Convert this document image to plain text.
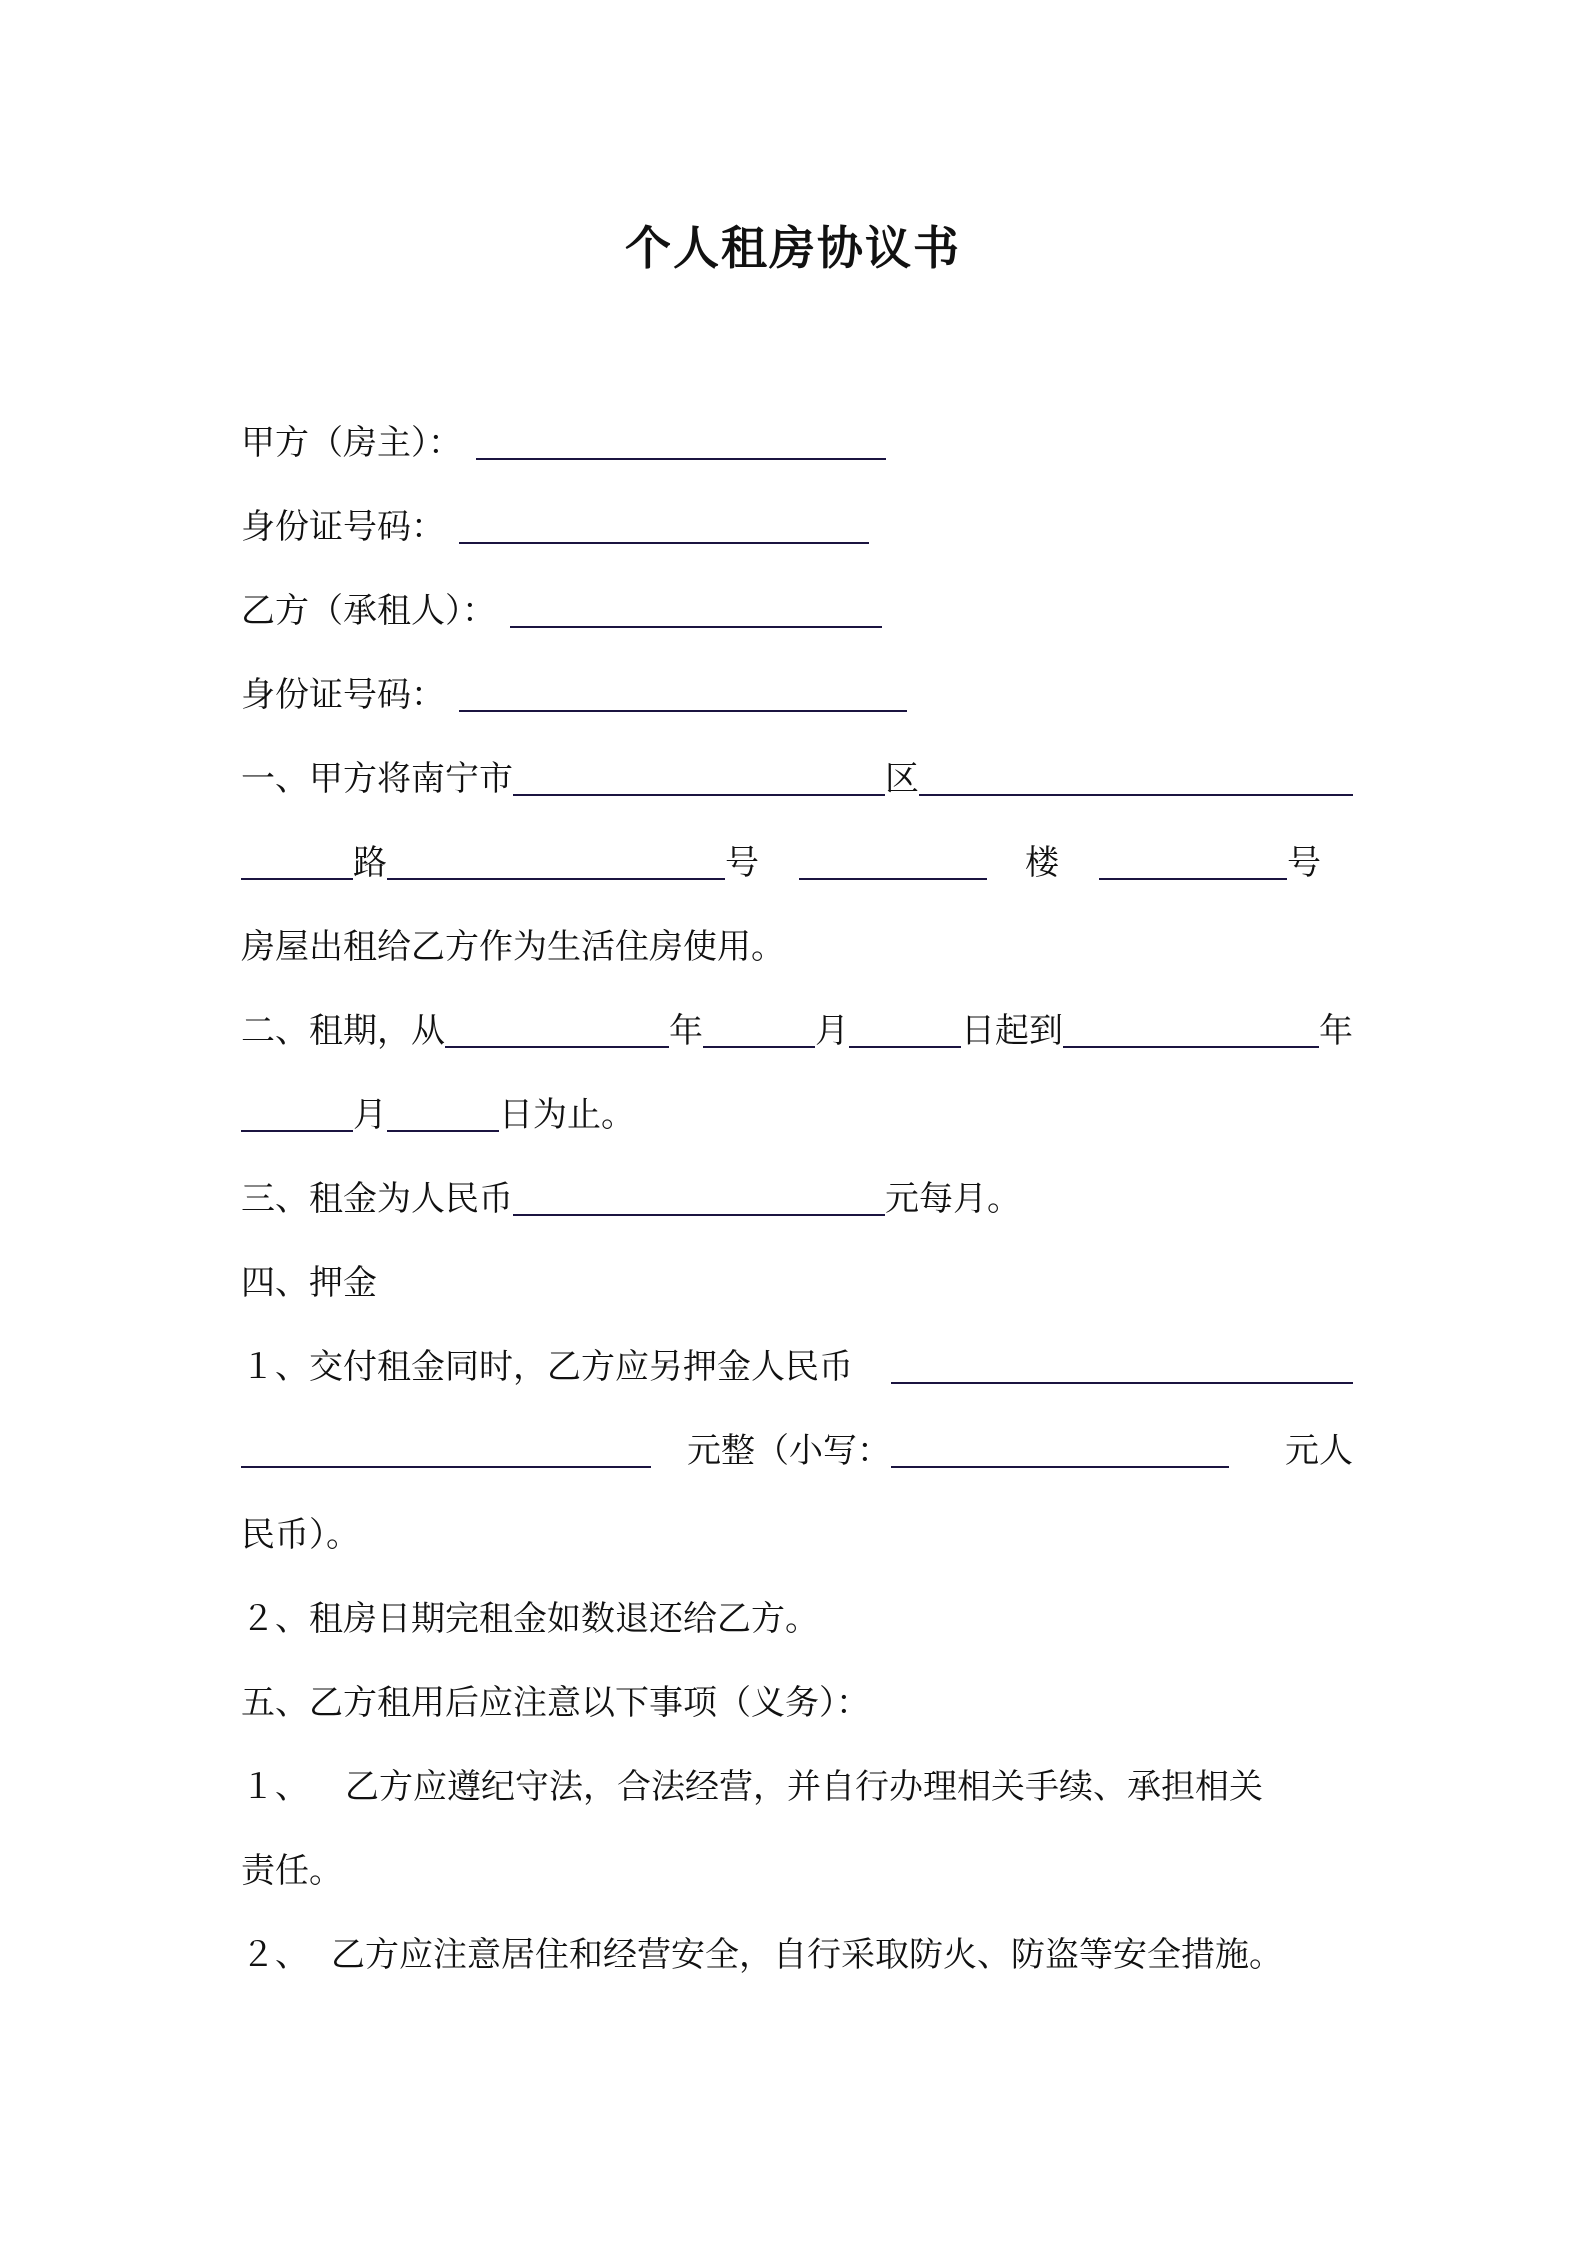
个人租房协议书
甲方（房主）：
身份证号码：
乙方（承租人）：
身份证号码：
一、甲方将南宁市	区
路	号	楼	号
房屋出租给乙方作为生活住房使用。
二、租期，从	年	月	日起到	年
月	日为止。
三、租金为人民币	元每月。
四、押金
１、交付租金同时，乙方应另押金人民币
元整（小写：	元人
民币）。
２、租房日期完租金如数退还给乙方。
五、乙方租用后应注意以下事项（义务）：
１、 乙方应遵纪守法，合法经营，并自行办理相关手续、承担相关
责任。
２、 乙方应注意居住和经营安全，自行采取防火、防盗等安全措施。
